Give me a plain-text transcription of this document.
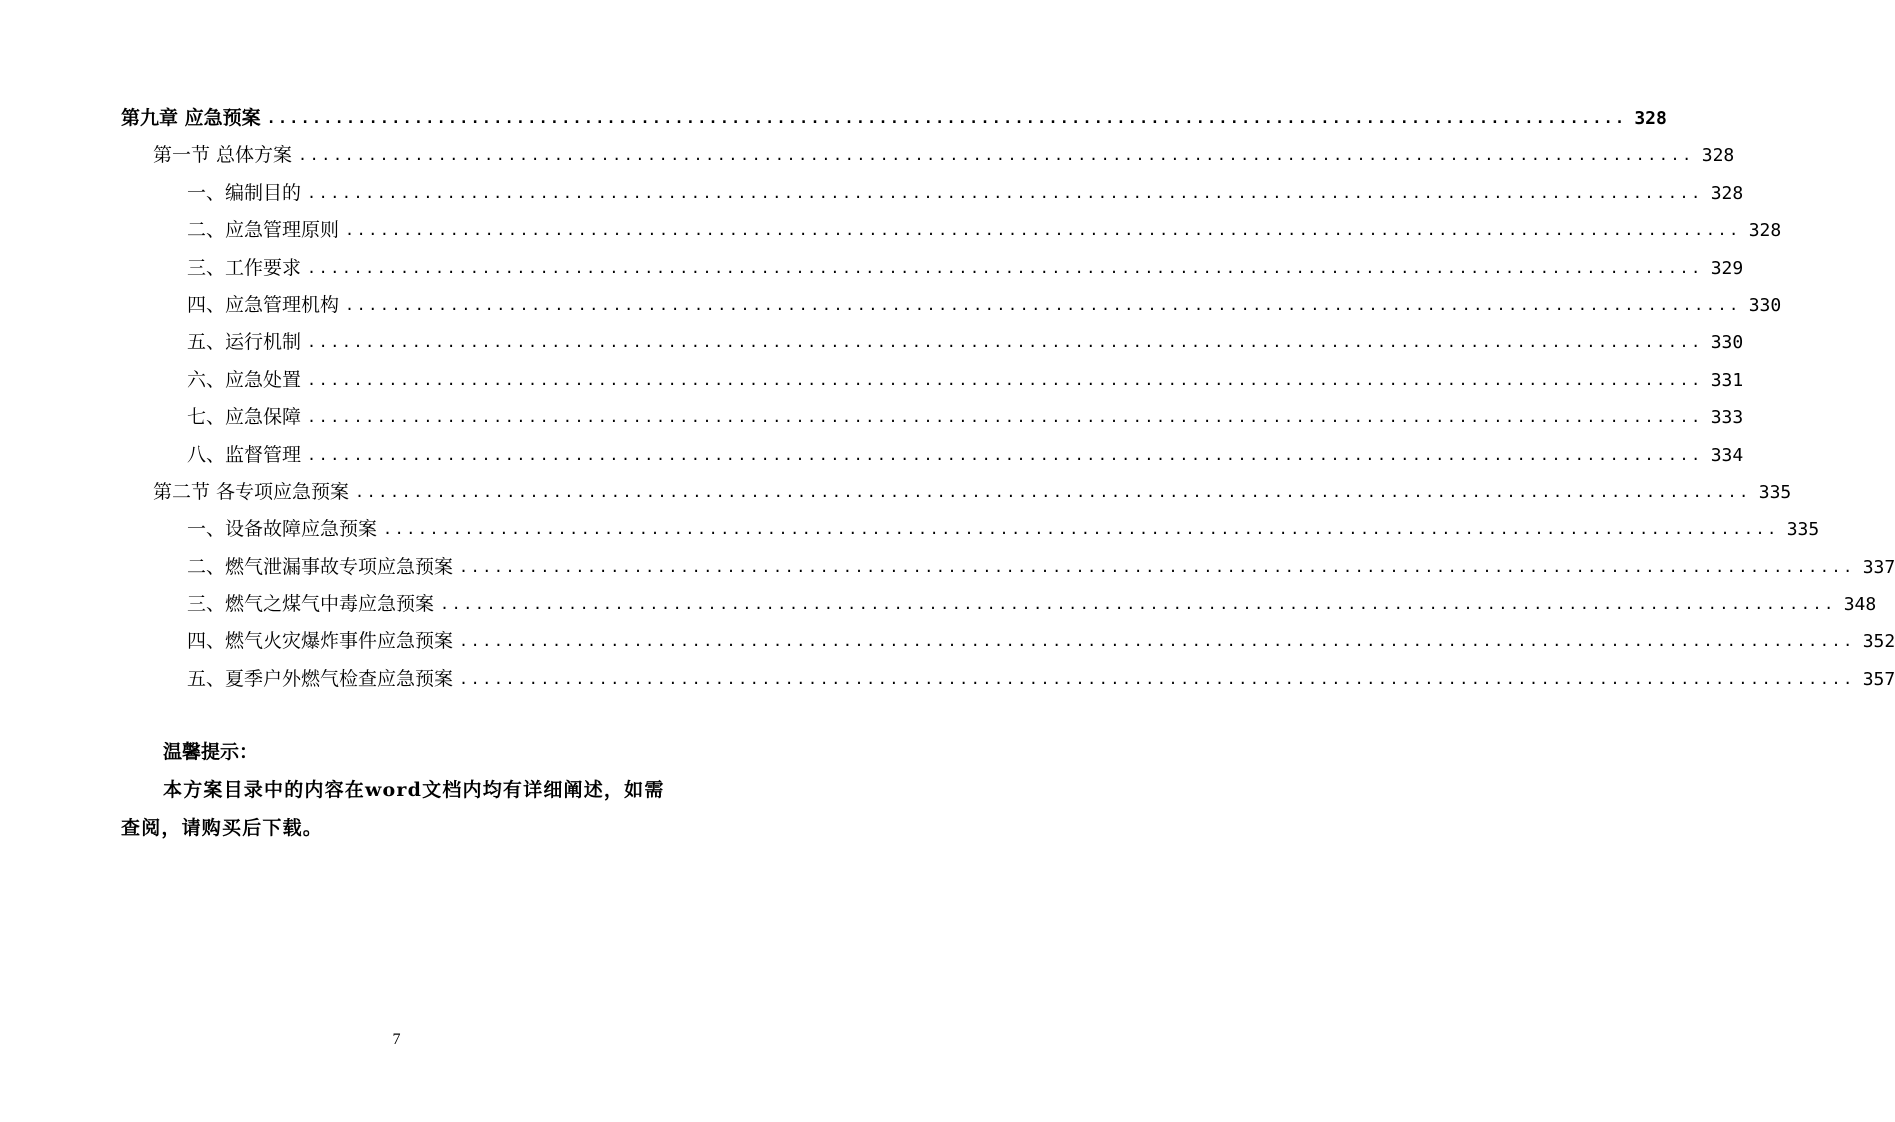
第九章 应急预案 ........................................................................................................................ 328
第一节 总体方案 ........................................................................................................................ 328
一、编制目的 ........................................................................................................................ 328
二、应急管理原则 ........................................................................................................................ 328
三、工作要求 ........................................................................................................................ 329
四、应急管理机构 ........................................................................................................................ 330
五、运行机制 ........................................................................................................................ 330
六、应急处置 ........................................................................................................................ 331
七、应急保障 ........................................................................................................................ 333
八、监督管理 ........................................................................................................................ 334
第二节 各专项应急预案 ........................................................................................................................ 335
一、设备故障应急预案 ........................................................................................................................ 335
二、燃气泄漏事故专项应急预案 ........................................................................................................................ 337
三、燃气之煤气中毒应急预案 ........................................................................................................................ 348
四、燃气火灾爆炸事件应急预案 ........................................................................................................................ 352
五、夏季户外燃气检查应急预案 ........................................................................................................................ 357
温馨提示：
本方案目录中的内容在word文档内均有详细阐述，如需查阅，请购买后下载。
7
